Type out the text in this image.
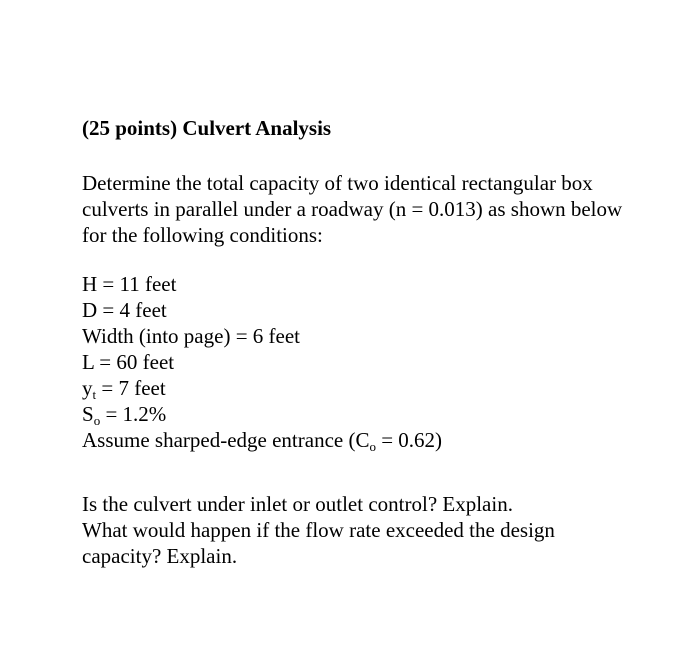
(25 points) Culvert Analysis

Determine the total capacity of two identical rectangular box
culverts in parallel under a roadway (n = 0.013) as shown below
for the following conditions:

H = 11 feet
D = 4 feet
Width (into page) = 6 feet
L = 60 feet
$y_t = 7$ feet
$S_o = 1.2\%$
Assume sharped-edge entrance $(C_o = 0.62)$
Is the culvert under inlet or outlet control? Explain.
What would happen if the flow rate exceeded the design
capacity? Explain.
